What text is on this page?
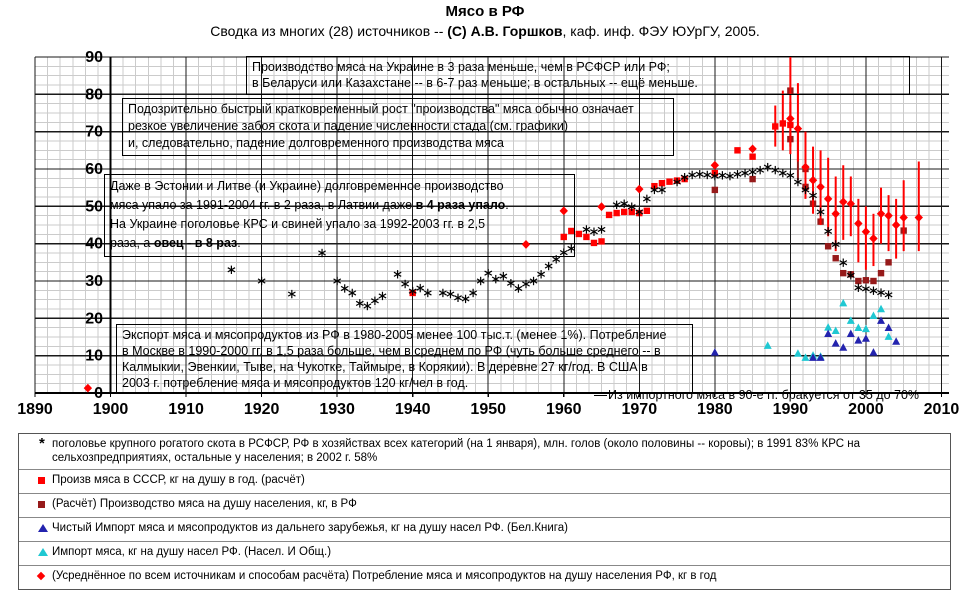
1890 1900 1910 1920 1930 1940 1950 1960 1970 1980 1990 2000 2010
0
10
20
30
40
50
60
70
80
90
Мясо в РФ
Сводка из многих (28) источников -- (С) А.В. Горшков, каф. инф. ФЭУ ЮУрГУ, 2005.
Производство мяса на Украине в 3 раза меньше, чем в РСФСР или РФ;
в Беларуси или Казахстане -- в 6-7 раз меньше; в остальных -- ещё меньше.
Подозрительно быстрый кратковременный рост "производства" мяса обычно означает
резкое увеличение забоя скота и падение численности стада (см. графики)
и, следовательно, падение долговременного производства мяса
Даже в Эстонии и Литве (и Украине) долговременное производство
мяса упало за 1991-2004 гг. в 2 раза, в Латвии даже в 4 раза упало.
На Украине поголовье КРС и свиней упало за 1992-2003 гг. в 2,5
раза, а овец - в 8 раз.
Экспорт мяса и мясопродуктов из РФ в 1980-2005 менее 100 тыс.т. (менее 1%). Потребление
в Москве в 1990-2000 гг. в 1,5 раза больше, чем в среднем по РФ (чуть больше среднего -- в
Калмыкии, Эвенкии, Тыве, на Чукотке, Таймыре, в Корякии). В деревне 27 кг/год. В США в
2003 г. потребление мяса и мясопродуктов 120 кг/чел в год.
Из импортного мяса в 90-е гг. бракуется от 35 до 70%
* поголовье крупного рогатого скота в РСФСР, РФ в хозяйствах всех категорий (на 1 января), млн. голов (около половины -- коровы); в 1991 83% КРС на сельхозпредприятиях, остальные у населения; в 2002 г. 58%
Произв мяса в СССР, кг на душу в год. (расчёт)
(Расчёт) Производство мяса на душу населения, кг, в РФ
Чистый Импорт мяса и мясопродуктов из дальнего зарубежья, кг на душу насел РФ. (Бел.Книга)
Импорт мяса, кг на душу насел РФ. (Насел. И Общ.)
(Усреднённое по всем источникам и способам расчёта) Потребление мяса и мясопродуктов на душу населения РФ, кг в год
